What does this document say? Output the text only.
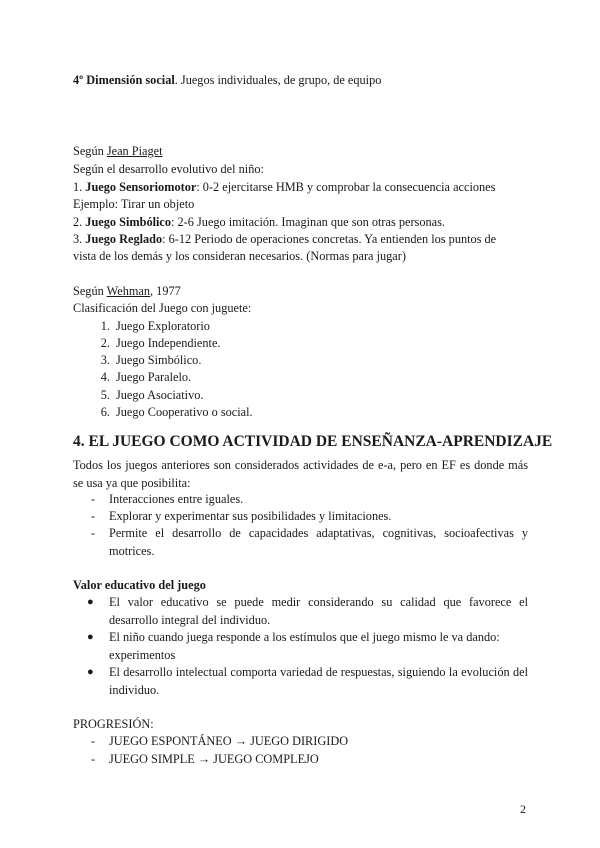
4º Dimensión social. Juegos individuales, de grupo, de equipo
Según Jean Piaget
Según el desarrollo evolutivo del niño:
1. Juego Sensoriomotor: 0-2 ejercitarse HMB y comprobar la consecuencia acciones
Ejemplo: Tirar un objeto
2. Juego Simbólico: 2-6 Juego imitación. Imaginan que son otras personas.
3. Juego Reglado: 6-12 Periodo de operaciones concretas. Ya entienden los puntos de
vista de los demás y los consideran necesarios. (Normas para jugar)
Según Wehman, 1977
Clasificación del Juego con juguete:
1. Juego Exploratorio
2. Juego Independiente.
3. Juego Simbólico.
4. Juego Paralelo.
5. Juego Asociativo.
6. Juego Cooperativo o social.
4. EL JUEGO COMO ACTIVIDAD DE ENSEÑANZA-APRENDIZAJE
Todos los juegos anteriores son considerados actividades de e-a, pero en EF es donde más se usa ya que posibilita:
- Interacciones entre iguales.
- Explorar y experimentar sus posibilidades y limitaciones.
- Permite el desarrollo de capacidades adaptativas, cognitivas, socioafectivas y motrices.
Valor educativo del juego
● El valor educativo se puede medir considerando su calidad que favorece el desarrollo integral del individuo.
● El niño cuando juega responde a los estímulos que el juego mismo le va dando: experimentos
● El desarrollo intelectual comporta variedad de respuestas, siguiendo la evolución del individuo.
PROGRESIÓN:
- JUEGO ESPONTÁNEO → JUEGO DIRIGIDO
- JUEGO SIMPLE → JUEGO COMPLEJO
2
